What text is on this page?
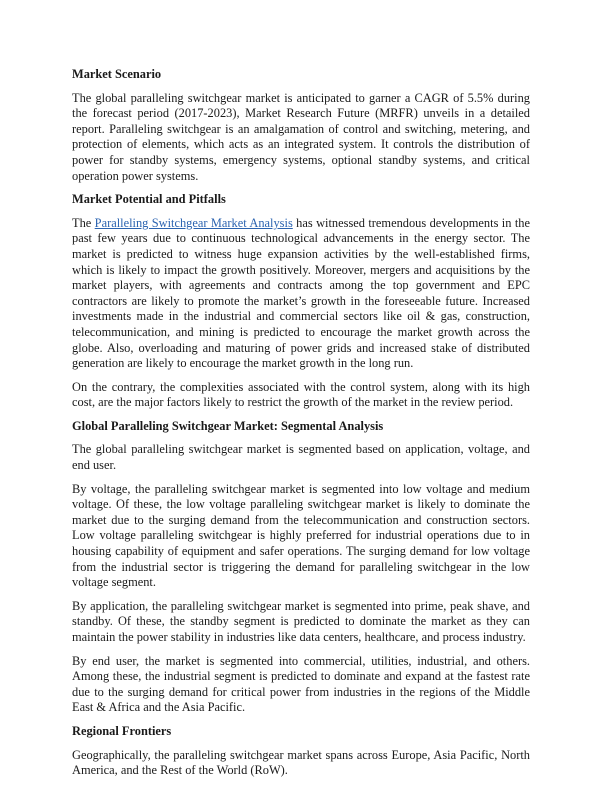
Market Scenario

The global paralleling switchgear market is anticipated to garner a CAGR of 5.5% during the forecast period (2017-2023), Market Research Future (MRFR) unveils in a detailed report. Paralleling switchgear is an amalgamation of control and switching, metering, and protection of elements, which acts as an integrated system. It controls the distribution of power for standby systems, emergency systems, optional standby systems, and critical operation power systems.

Market Potential and Pitfalls

The Paralleling Switchgear Market Analysis has witnessed tremendous developments in the past few years due to continuous technological advancements in the energy sector. The market is predicted to witness huge expansion activities by the well-established firms, which is likely to impact the growth positively. Moreover, mergers and acquisitions by the market players, with agreements and contracts among the top government and EPC contractors are likely to promote the market’s growth in the foreseeable future. Increased investments made in the industrial and commercial sectors like oil & gas, construction, telecommunication, and mining is predicted to encourage the market growth across the globe. Also, overloading and maturing of power grids and increased stake of distributed generation are likely to encourage the market growth in the long run.

On the contrary, the complexities associated with the control system, along with its high cost, are the major factors likely to restrict the growth of the market in the review period.

Global Paralleling Switchgear Market: Segmental Analysis

The global paralleling switchgear market is segmented based on application, voltage, and end user.

By voltage, the paralleling switchgear market is segmented into low voltage and medium voltage. Of these, the low voltage paralleling switchgear market is likely to dominate the market due to the surging demand from the telecommunication and construction sectors. Low voltage paralleling switchgear is highly preferred for industrial operations due to in housing capability of equipment and safer operations. The surging demand for low voltage from the industrial sector is triggering the demand for paralleling switchgear in the low voltage segment.

By application, the paralleling switchgear market is segmented into prime, peak shave, and standby. Of these, the standby segment is predicted to dominate the market as they can maintain the power stability in industries like data centers, healthcare, and process industry.

By end user, the market is segmented into commercial, utilities, industrial, and others. Among these, the industrial segment is predicted to dominate and expand at the fastest rate due to the surging demand for critical power from industries in the regions of the Middle East & Africa and the Asia Pacific.

Regional Frontiers

Geographically, the paralleling switchgear market spans across Europe, Asia Pacific, North America, and the Rest of the World (RoW).
